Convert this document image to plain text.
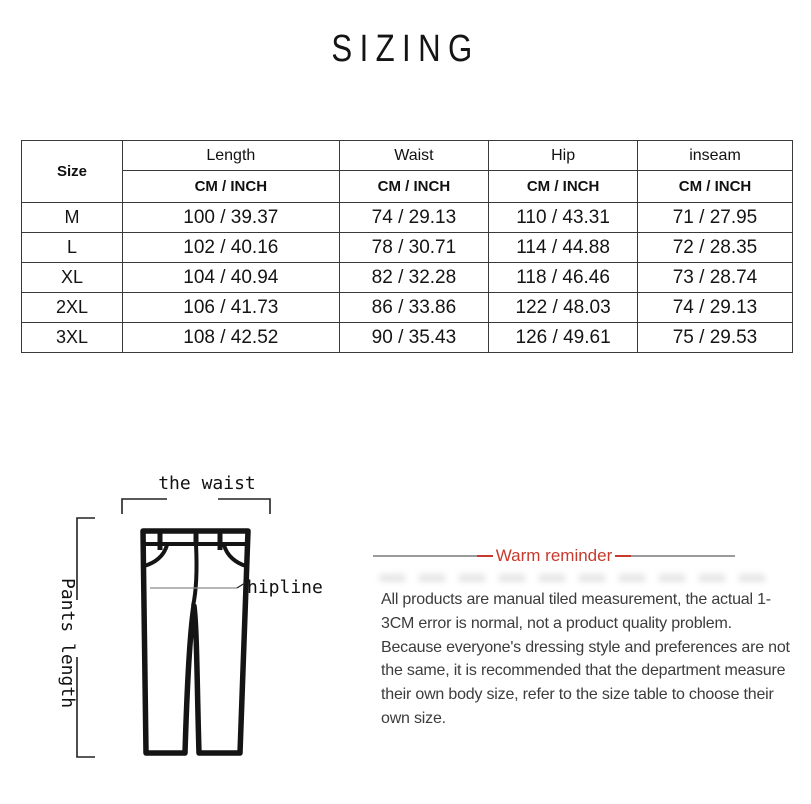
SIZING
Size	Length	Waist	Hip	inseam
	CM / INCH	CM / INCH	CM / INCH	CM / INCH
M	100 / 39.37	74 / 29.13	110 / 43.31	71 / 27.95
L	102 / 40.16	78 / 30.71	114 / 44.88	72 / 28.35
XL	104 / 40.94	82 / 32.28	118 / 46.46	73 / 28.74
2XL	106 / 41.73	86 / 33.86	122 / 48.03	74 / 29.13
3XL	108 / 42.52	90 / 35.43	126 / 49.61	75 / 29.53
the waist
Pants length	hipline
Warm reminder

All products are manual tiled measurement, the actual 1-3CM error is normal, not a product quality problem. Because everyone's dressing style and preferences are not the same, it is recommended that the department measure their own body size, refer to the size table to choose their own size.
